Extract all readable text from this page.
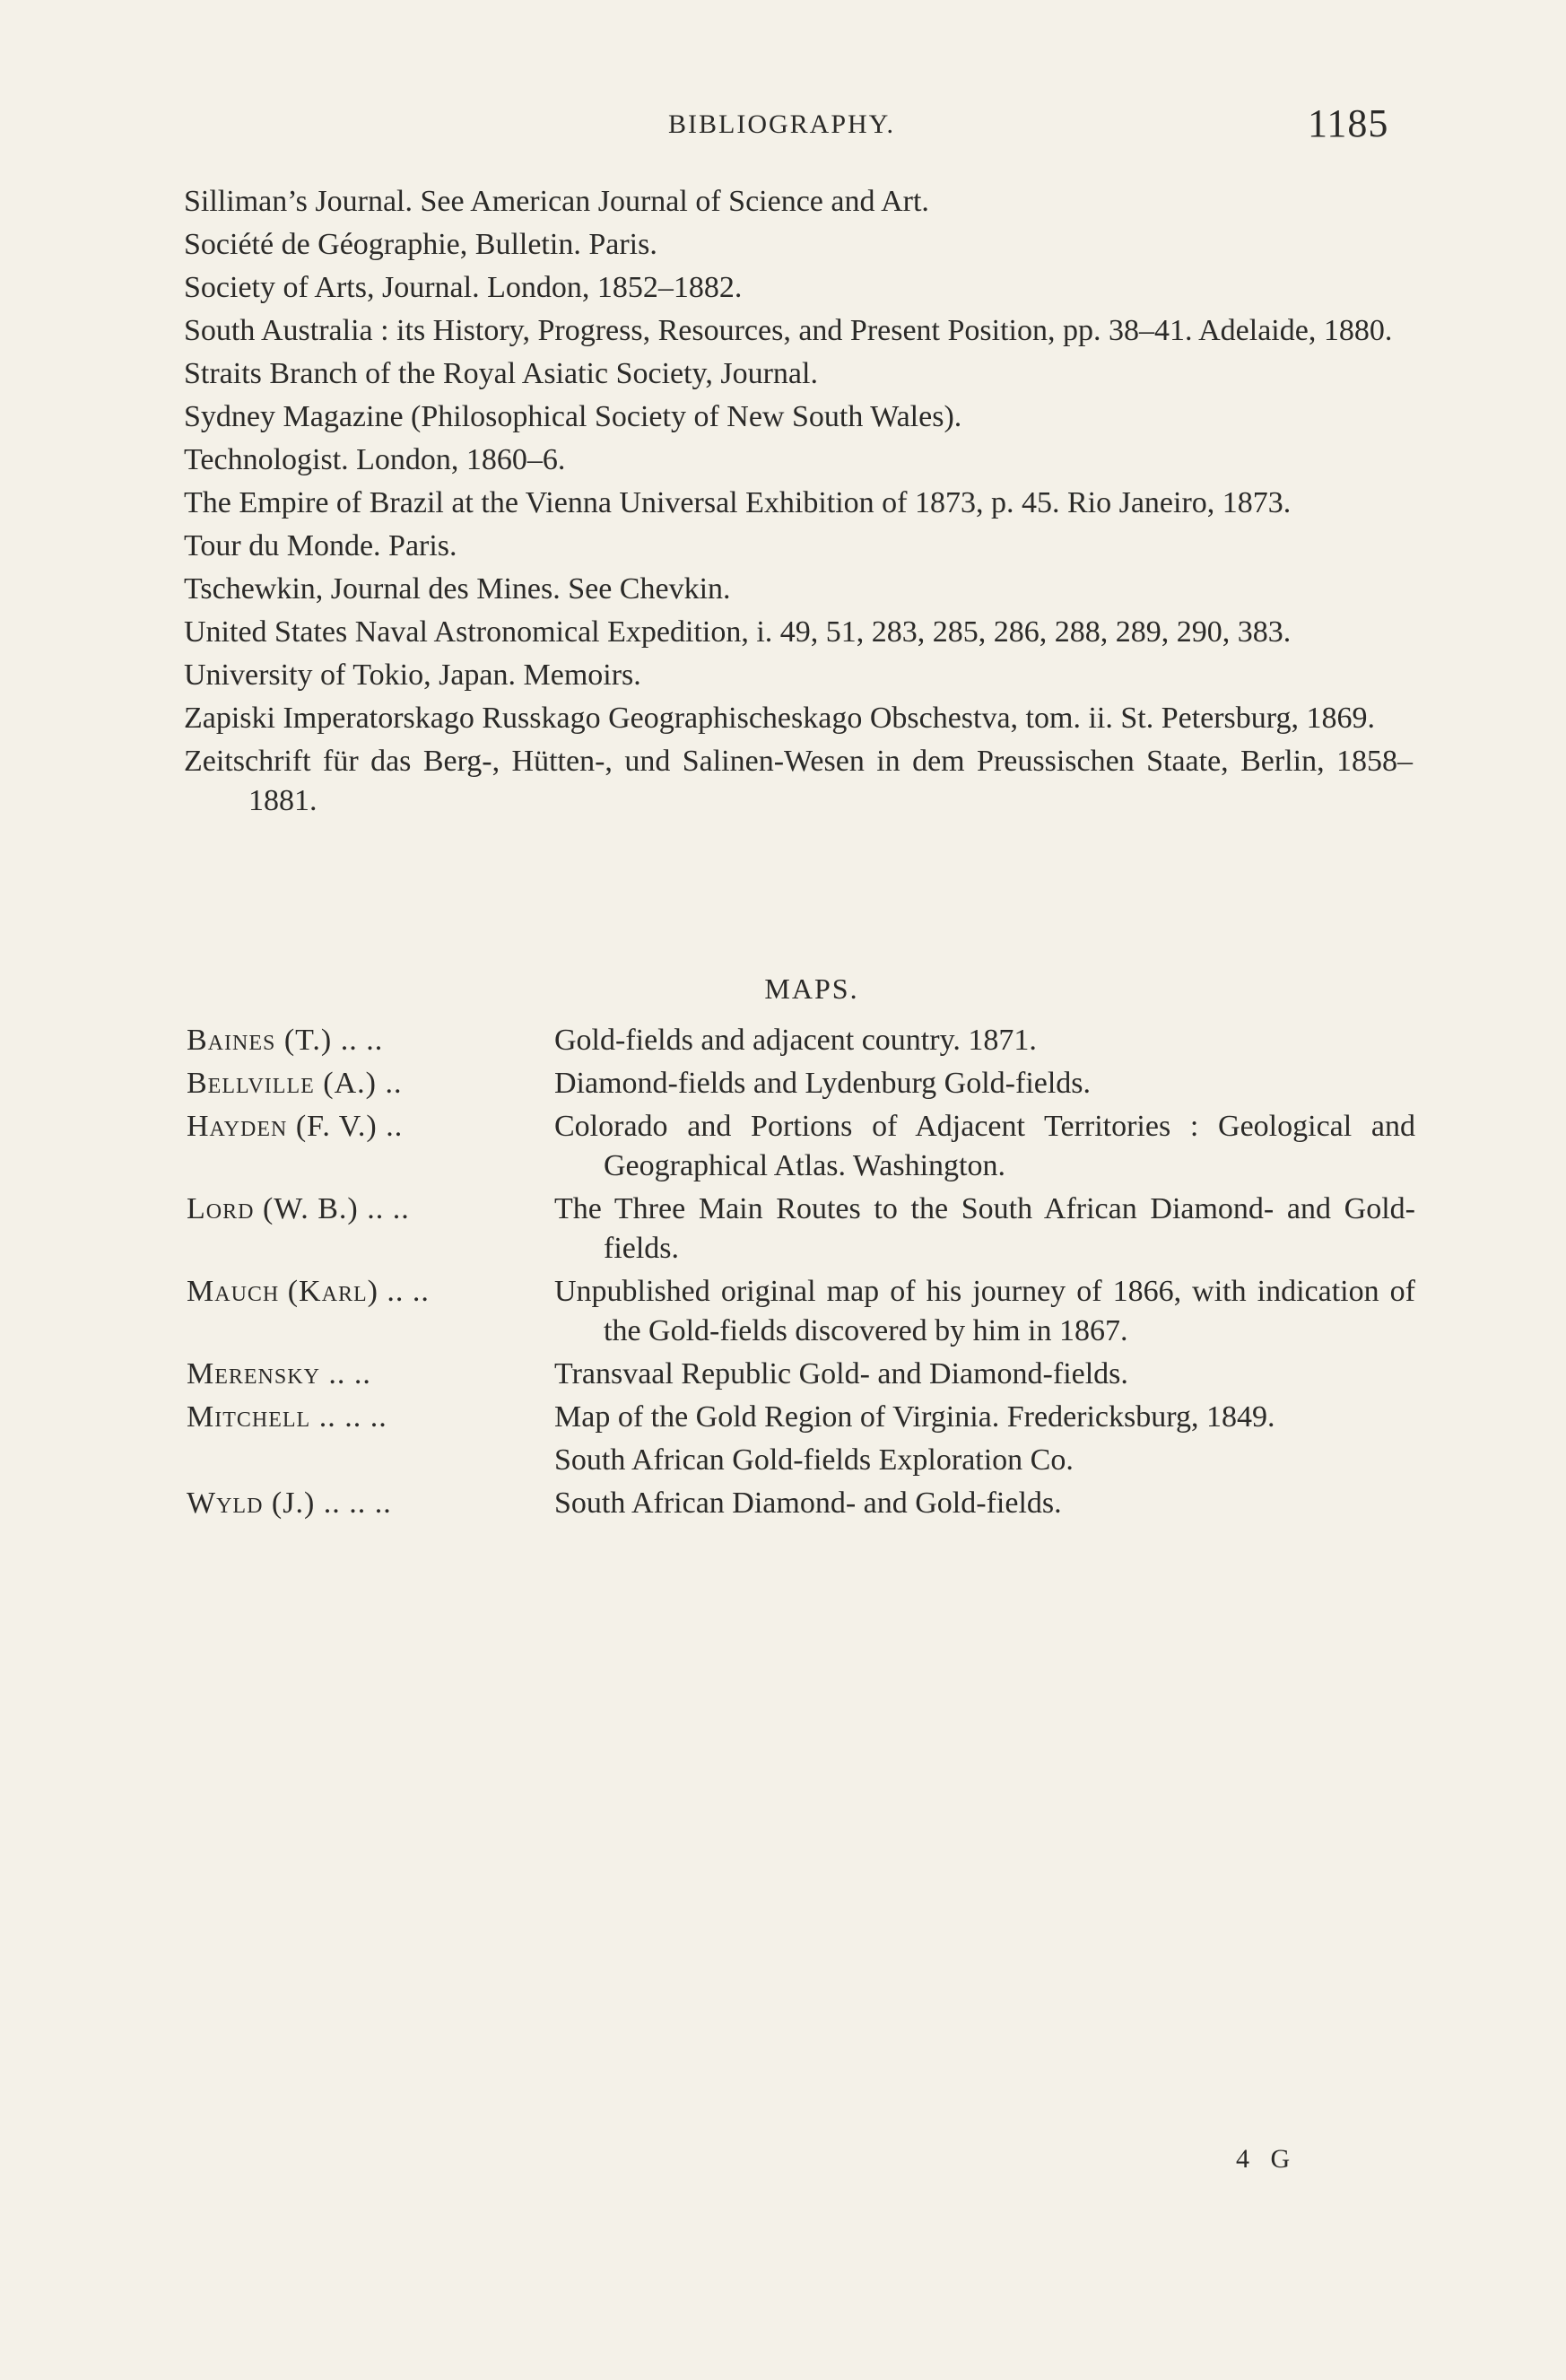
BIBLIOGRAPHY.	1185

Silliman’s Journal. See American Journal of Science and Art.

Société de Géographie, Bulletin. Paris.

Society of Arts, Journal. London, 1852–1882.

South Australia : its History, Progress, Resources, and Present Position, pp. 38–41. Adelaide, 1880.

Straits Branch of the Royal Asiatic Society, Journal.

Sydney Magazine (Philosophical Society of New South Wales).

Technologist. London, 1860–6.

The Empire of Brazil at the Vienna Universal Exhibition of 1873, p. 45. Rio Janeiro, 1873.

Tour du Monde. Paris.

Tschewkin, Journal des Mines. See Chevkin.

United States Naval Astronomical Expedition, i. 49, 51, 283, 285, 286, 288, 289, 290, 383.

University of Tokio, Japan. Memoirs.

Zapiski Imperatorskago Russkago Geographischeskago Obschestva, tom. ii. St. Petersburg, 1869.

Zeitschrift für das Berg-, Hütten-, und Salinen-Wesen in dem Preussischen Staate, Berlin, 1858–1881.

MAPS.
Baines (T.) .. ..	Gold-fields and adjacent country. 1871.
Bellville (A.) ..	Diamond-fields and Lydenburg Gold-fields.
Hayden (F. V.) ..	Colorado and Portions of Adjacent Territories : Geological and Geographical Atlas. Washington.
Lord (W. B.) .. ..	The Three Main Routes to the South African Diamond- and Gold-fields.
Mauch (Karl) .. ..	Unpublished original map of his journey of 1866, with indication of the Gold-fields discovered by him in 1867.
Merensky .. ..	Transvaal Republic Gold- and Diamond-fields.
Mitchell .. .. ..	Map of the Gold Region of Virginia. Fredericksburg, 1849.
South African Gold-fields Exploration Co.
Wyld (J.) .. .. ..	South African Diamond- and Gold-fields.
4 G
